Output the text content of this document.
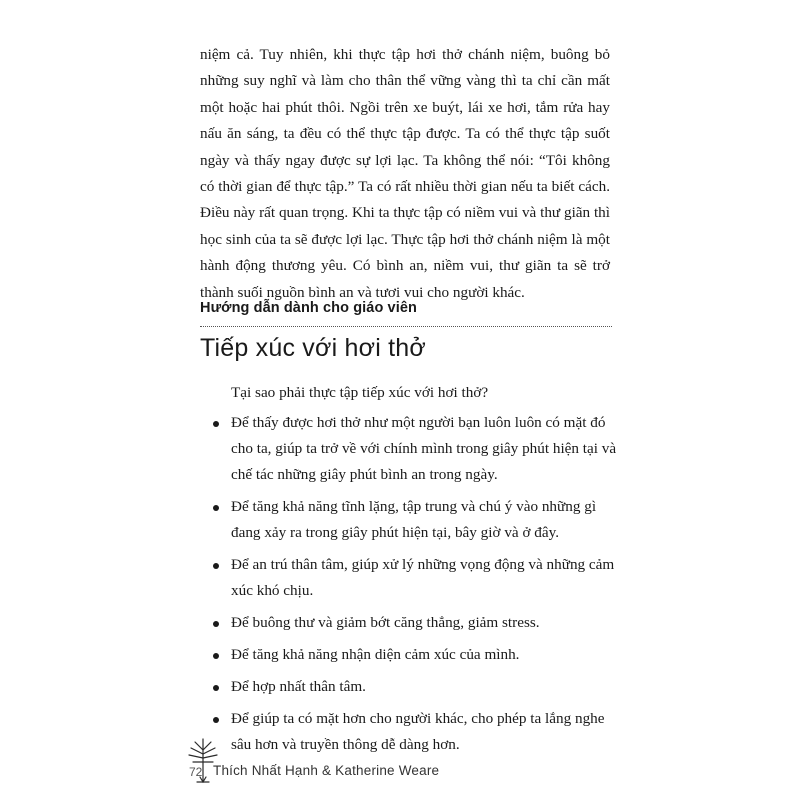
niệm cả. Tuy nhiên, khi thực tập hơi thở chánh niệm, buông bỏ những suy nghĩ và làm cho thân thể vững vàng thì ta chỉ cần mất một hoặc hai phút thôi. Ngồi trên xe buýt, lái xe hơi, tắm rửa hay nấu ăn sáng, ta đều có thể thực tập được. Ta có thể thực tập suốt ngày và thấy ngay được sự lợi lạc. Ta không thể nói: “Tôi không có thời gian để thực tập.” Ta có rất nhiều thời gian nếu ta biết cách. Điều này rất quan trọng. Khi ta thực tập có niềm vui và thư giãn thì học sinh của ta sẽ được lợi lạc. Thực tập hơi thở chánh niệm là một hành động thương yêu. Có bình an, niềm vui, thư giãn ta sẽ trở thành suối nguồn bình an và tươi vui cho người khác.

Hướng dẫn dành cho giáo viên
Tiếp xúc với hơi thở
Tại sao phải thực tập tiếp xúc với hơi thở?
Để thấy được hơi thở như một người bạn luôn luôn có mặt đó cho ta, giúp ta trở về với chính mình trong giây phút hiện tại và chế tác những giây phút bình an trong ngày.
Để tăng khả năng tĩnh lặng, tập trung và chú ý vào những gì đang xảy ra trong giây phút hiện tại, bây giờ và ở đây.
Để an trú thân tâm, giúp xử lý những vọng động và những cảm xúc khó chịu.
Để buông thư và giảm bớt căng thẳng, giảm stress.
Để tăng khả năng nhận diện cảm xúc của mình.
Để hợp nhất thân tâm.
Để giúp ta có mặt hơn cho người khác, cho phép ta lắng nghe sâu hơn và truyền thông dễ dàng hơn.
72 Thích Nhất Hạnh & Katherine Weare
